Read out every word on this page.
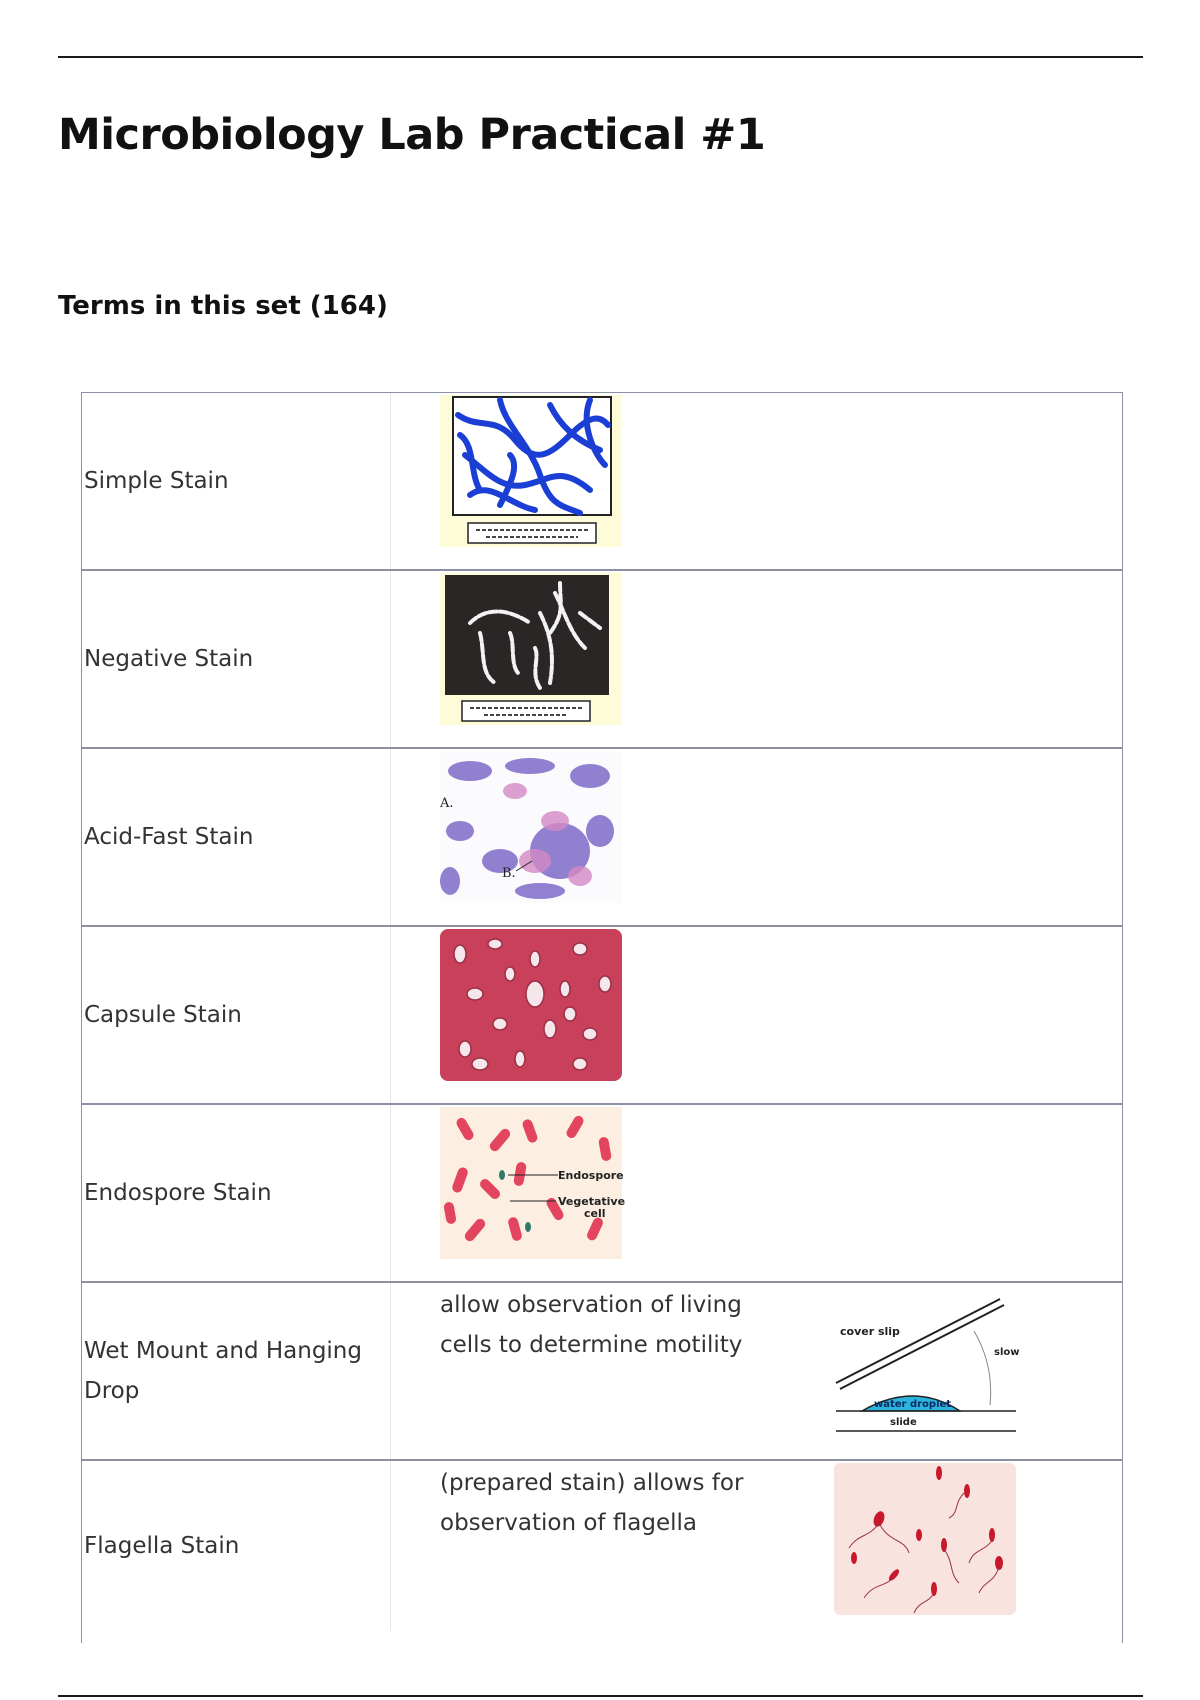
Microbiology Lab Practical #1
Terms in this set (164)
Simple Stain
Negative Stain
Acid-Fast Stain
A.
B.
Capsule Stain
Endospore Stain
Endospore
Vegetative
cell
Wet Mount and Hanging Drop
allow observation of living cells to determine motility
cover slip
slow
water droplet
slide
Flagella Stain
(prepared stain) allows for observation of flagella
